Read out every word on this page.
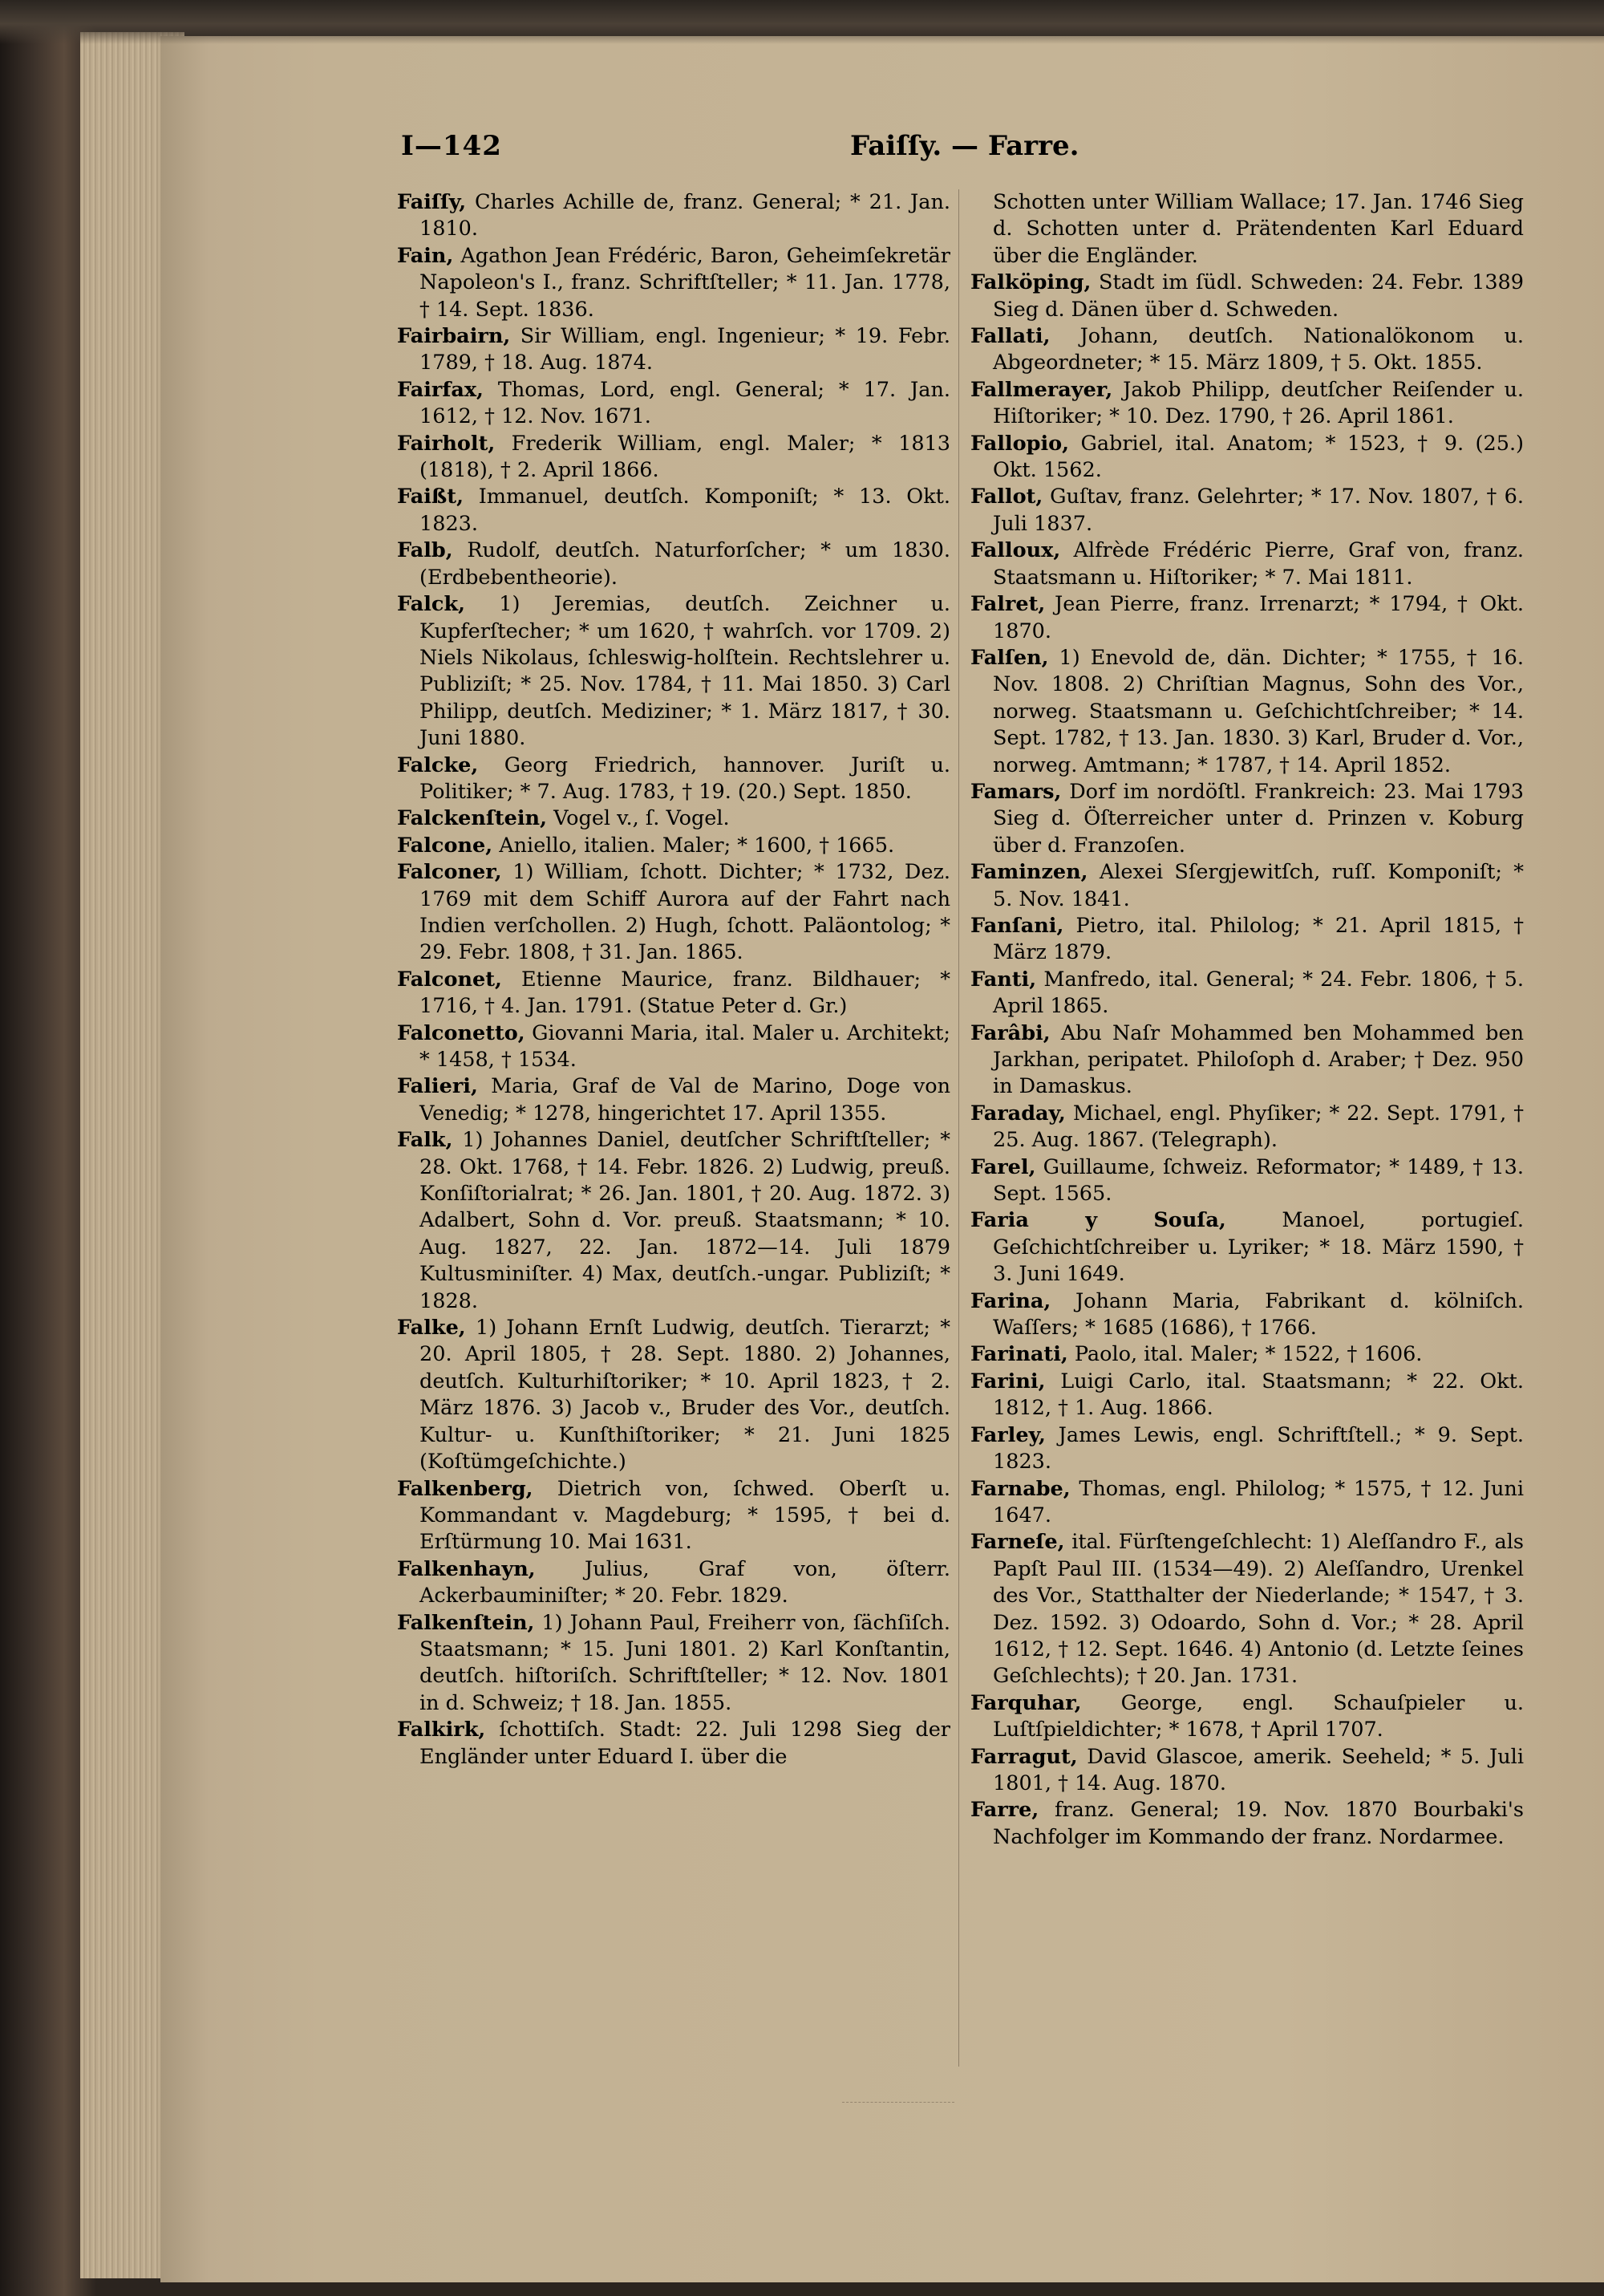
I—142	Faiſſy. — Farre.

Faiſſy, Charles Achille de, franz. General; * 21. Jan. 1810.

Fain, Agathon Jean Frédéric, Baron, Geheimſekretär Napoleon's I., franz. Schriftſteller; * 11. Jan. 1778, † 14. Sept. 1836.

Fairbairn, Sir William, engl. Ingenieur; * 19. Febr. 1789, † 18. Aug. 1874.

Fairfax, Thomas, Lord, engl. General; * 17. Jan. 1612, † 12. Nov. 1671.

Fairholt, Frederik William, engl. Maler; * 1813 (1818), † 2. April 1866.

Faißt, Immanuel, deutſch. Komponiſt; * 13. Okt. 1823.

Falb, Rudolf, deutſch. Naturforſcher; * um 1830. (Erdbebentheorie).

Falck, 1) Jeremias, deutſch. Zeichner u. Kupferſtecher; * um 1620, † wahrſch. vor 1709. 2) Niels Nikolaus, ſchleswig-holſtein. Rechtslehrer u. Publiziſt; * 25. Nov. 1784, † 11. Mai 1850. 3) Carl Philipp, deutſch. Mediziner; * 1. März 1817, † 30. Juni 1880.

Falcke, Georg Friedrich, hannover. Juriſt u. Politiker; * 7. Aug. 1783, † 19. (20.) Sept. 1850.

Falckenſtein, Vogel v., ſ. Vogel.

Falcone, Aniello, italien. Maler; * 1600, † 1665.

Falconer, 1) William, ſchott. Dichter; * 1732, Dez. 1769 mit dem Schiff Aurora auf der Fahrt nach Indien verſchollen. 2) Hugh, ſchott. Paläontolog; * 29. Febr. 1808, † 31. Jan. 1865.

Falconet, Etienne Maurice, franz. Bildhauer; * 1716, † 4. Jan. 1791. (Statue Peter d. Gr.)

Falconetto, Giovanni Maria, ital. Maler u. Architekt; * 1458, † 1534.

Falieri, Maria, Graf de Val de Marino, Doge von Venedig; * 1278, hingerichtet 17. April 1355.

Falk, 1) Johannes Daniel, deutſcher Schriftſteller; * 28. Okt. 1768, † 14. Febr. 1826. 2) Ludwig, preuß. Konſiſtorialrat; * 26. Jan. 1801, † 20. Aug. 1872. 3) Adalbert, Sohn d. Vor. preuß. Staatsmann; * 10. Aug. 1827, 22. Jan. 1872—14. Juli 1879 Kultusminiſter. 4) Max, deutſch.-ungar. Publiziſt; * 1828.

Falke, 1) Johann Ernſt Ludwig, deutſch. Tierarzt; * 20. April 1805, † 28. Sept. 1880. 2) Johannes, deutſch. Kulturhiſtoriker; * 10. April 1823, † 2. März 1876. 3) Jacob v., Bruder des Vor., deutſch. Kultur- u. Kunſthiſtoriker; * 21. Juni 1825 (Koſtümgeſchichte.)

Falkenberg, Dietrich von, ſchwed. Oberſt u. Kommandant v. Magdeburg; * 1595, † bei d. Erſtürmung 10. Mai 1631.

Falkenhayn, Julius, Graf von, öſterr. Ackerbauminiſter; * 20. Febr. 1829.

Falkenſtein, 1) Johann Paul, Freiherr von, ſächſiſch. Staatsmann; * 15. Juni 1801. 2) Karl Konſtantin, deutſch. hiſtoriſch. Schriftſteller; * 12. Nov. 1801 in d. Schweiz; † 18. Jan. 1855.

Falkirk, ſchottiſch. Stadt: 22. Juli 1298 Sieg der Engländer unter Eduard I. über die

Schotten unter William Wallace; 17. Jan. 1746 Sieg d. Schotten unter d. Prätendenten Karl Eduard über die Engländer.

Falköping, Stadt im ſüdl. Schweden: 24. Febr. 1389 Sieg d. Dänen über d. Schweden.

Fallati, Johann, deutſch. Nationalökonom u. Abgeordneter; * 15. März 1809, † 5. Okt. 1855.

Fallmerayer, Jakob Philipp, deutſcher Reiſender u. Hiſtoriker; * 10. Dez. 1790, † 26. April 1861.

Fallopio, Gabriel, ital. Anatom; * 1523, † 9. (25.) Okt. 1562.

Fallot, Guſtav, franz. Gelehrter; * 17. Nov. 1807, † 6. Juli 1837.

Falloux, Alfrède Frédéric Pierre, Graf von, franz. Staatsmann u. Hiſtoriker; * 7. Mai 1811.

Falret, Jean Pierre, franz. Irrenarzt; * 1794, † Okt. 1870.

Falſen, 1) Enevold de, dän. Dichter; * 1755, † 16. Nov. 1808. 2) Chriſtian Magnus, Sohn des Vor., norweg. Staatsmann u. Geſchichtſchreiber; * 14. Sept. 1782, † 13. Jan. 1830. 3) Karl, Bruder d. Vor., norweg. Amtmann; * 1787, † 14. April 1852.

Famars, Dorf im nordöſtl. Frankreich: 23. Mai 1793 Sieg d. Öſterreicher unter d. Prinzen v. Koburg über d. Franzoſen.

Faminzen, Alexei Sſergjewitſch, ruſſ. Komponiſt; * 5. Nov. 1841.

Fanſani, Pietro, ital. Philolog; * 21. April 1815, † März 1879.

Fanti, Manfredo, ital. General; * 24. Febr. 1806, † 5. April 1865.

Farâbi, Abu Naſr Mohammed ben Mohammed ben Jarkhan, peripatet. Philoſoph d. Araber; † Dez. 950 in Damaskus.

Faraday, Michael, engl. Phyſiker; * 22. Sept. 1791, † 25. Aug. 1867. (Telegraph).

Farel, Guillaume, ſchweiz. Reformator; * 1489, † 13. Sept. 1565.

Faria y Souſa, Manoel, portugieſ. Geſchichtſchreiber u. Lyriker; * 18. März 1590, † 3. Juni 1649.

Farina, Johann Maria, Fabrikant d. kölniſch. Waſſers; * 1685 (1686), † 1766.

Farinati, Paolo, ital. Maler; * 1522, † 1606.

Farini, Luigi Carlo, ital. Staatsmann; * 22. Okt. 1812, † 1. Aug. 1866.

Farley, James Lewis, engl. Schriftſtell.; * 9. Sept. 1823.

Farnabe, Thomas, engl. Philolog; * 1575, † 12. Juni 1647.

Farneſe, ital. Fürſtengeſchlecht: 1) Aleſſandro F., als Papſt Paul III. (1534—49). 2) Aleſſandro, Urenkel des Vor., Statthalter der Niederlande; * 1547, † 3. Dez. 1592. 3) Odoardo, Sohn d. Vor.; * 28. April 1612, † 12. Sept. 1646. 4) Antonio (d. Letzte ſeines Geſchlechts); † 20. Jan. 1731.

Farquhar, George, engl. Schauſpieler u. Luſtſpieldichter; * 1678, † April 1707.

Farragut, David Glascoe, amerik. Seeheld; * 5. Juli 1801, † 14. Aug. 1870.

Farre, franz. General; 19. Nov. 1870 Bourbaki's Nachfolger im Kommando der franz. Nordarmee.
